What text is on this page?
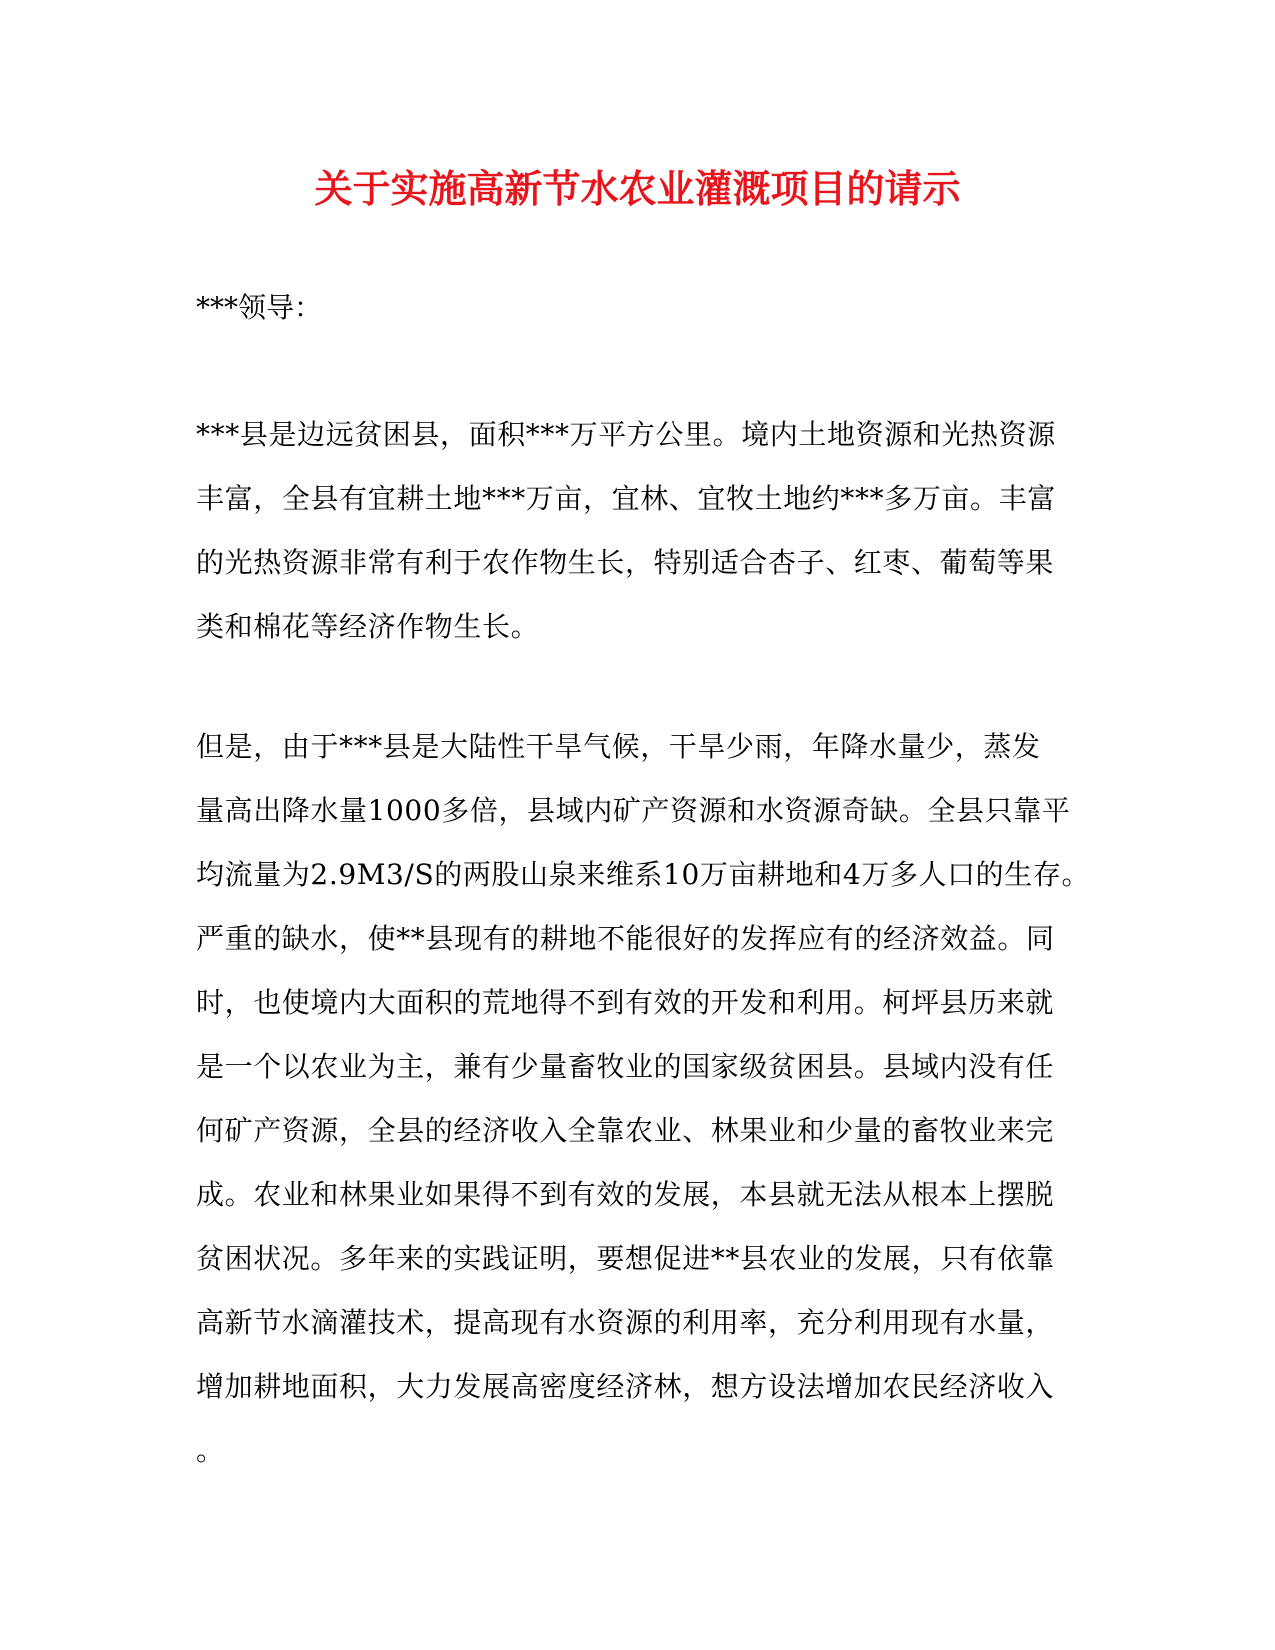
关于实施高新节水农业灌溉项目的请示

***领导：

***县是边远贫困县，面积***万平方公里。境内土地资源和光热资源
丰富，全县有宜耕土地***万亩，宜林、宜牧土地约***多万亩。丰富
的光热资源非常有利于农作物生长，特别适合杏子、红枣、葡萄等果
类和棉花等经济作物生长。
但是，由于***县是大陆性干旱气候，干旱少雨，年降水量少，蒸发
量高出降水量1000多倍，县域内矿产资源和水资源奇缺。全县只靠平
均流量为2.9M3/S的两股山泉来维系10万亩耕地和4万多人口的生存。
严重的缺水，使**县现有的耕地不能很好的发挥应有的经济效益。同
时，也使境内大面积的荒地得不到有效的开发和利用。柯坪县历来就
是一个以农业为主，兼有少量畜牧业的国家级贫困县。县域内没有任
何矿产资源，全县的经济收入全靠农业、林果业和少量的畜牧业来完
成。农业和林果业如果得不到有效的发展，本县就无法从根本上摆脱
贫困状况。多年来的实践证明，要想促进**县农业的发展，只有依靠
高新节水滴灌技术，提高现有水资源的利用率，充分利用现有水量，
增加耕地面积，大力发展高密度经济林，想方设法增加农民经济收入
。
